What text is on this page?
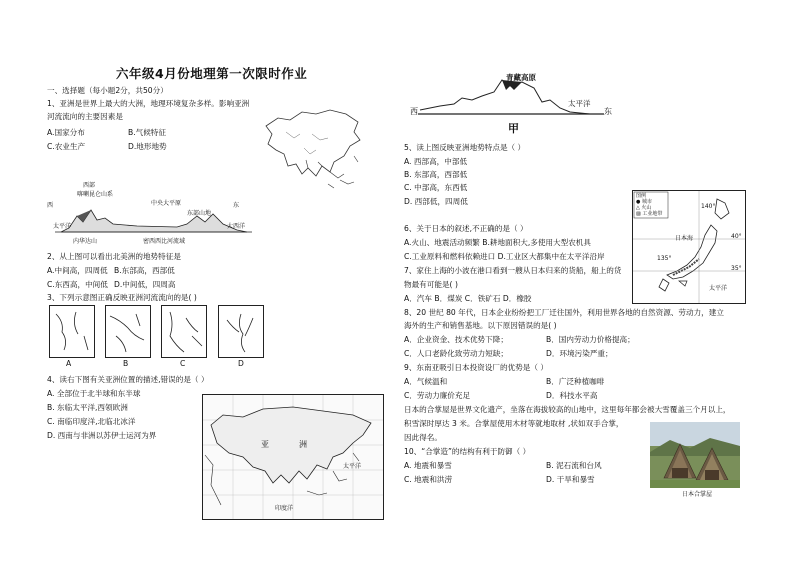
六年级4月份地理第一次限时作业
一、选择题（每小题2分，共50分）
1、亚洲是世界上最大的大洲，地理环境复杂多样。影响亚洲
河流流向的主要因素是
A.国家分布	B.气候特征
C.农业生产	D.地形地势
西部
喀喇昆仑山系
西	东
中央大平原
东部山地
太平洋	大西洋
内华达山	密西西比河流域
2、从上图可以看出北美洲的地势特征是
A.中间高，四周低 B.东部高，西部低
C.东西高，中间低 D.中间低，四周高
3、下列示意图正确反映亚洲河流流向的是( )
A	B	C	D
4、读右下图有关亚洲位置的描述,错误的是（ ）
A. 全部位于北半球和东半球
B. 东临太平洋,西领欧洲
C. 南临印度洋,北临北冰洋
D. 西南与非洲以苏伊士运河为界
亚	洲
太平洋
印度洋
青藏高原
西	东
太平洋
甲
5、读上图反映亚洲地势特点是（ ）
A. 西部高，中部低
B. 东部高，西部低
C. 中部高，东西低
D. 西部低，四周低
图例
● 城市
△ 火山
▨ 工业地带
日本海
太平洋
140°
40°
35°
135°
6、关于日本的叙述,不正确的是（ ）
A.火山、地震活动频繁 B.耕地面积大,多使用大型农机具
C.工业原料和燃料依赖进口 D.工业区大都集中在太平洋沿岸
7、家住上海的小波在港口看到一艘从日本归来的货船，船上的货
物最有可能是( )
A．汽车 B．煤炭 C．铁矿石 D．橡胶
8、20 世纪 80 年代，日本企业纷纷把工厂迁往国外，利用世界各地的自然资源、劳动力，建立
海外的生产和销售基地。以下原因错误的是( )
A．企业资金、技术优势下降；	B．国内劳动力价格提高；
C．人口老龄化致劳动力短缺；	D．环境污染严重；
9、东南亚吸引日本投资设厂的优势是（ ）
A．气候温和	B．广泛种植咖啡
C．劳动力廉价充足	D．科技水平高
日本的合掌屋是世界文化遗产，坐落在海拔较高的山地中，这里每年都会被大雪覆盖三个月以上，
积雪深时厚达 3 米。合掌屋使用木材等就地取材 ,状如双手合掌，
因此得名。
10、“合掌造”的结构有利于防御（ ）
A. 地震和暴雪	B. 泥石流和台风
C. 地震和洪涝	D. 干旱和暴雪
日本合掌屋
